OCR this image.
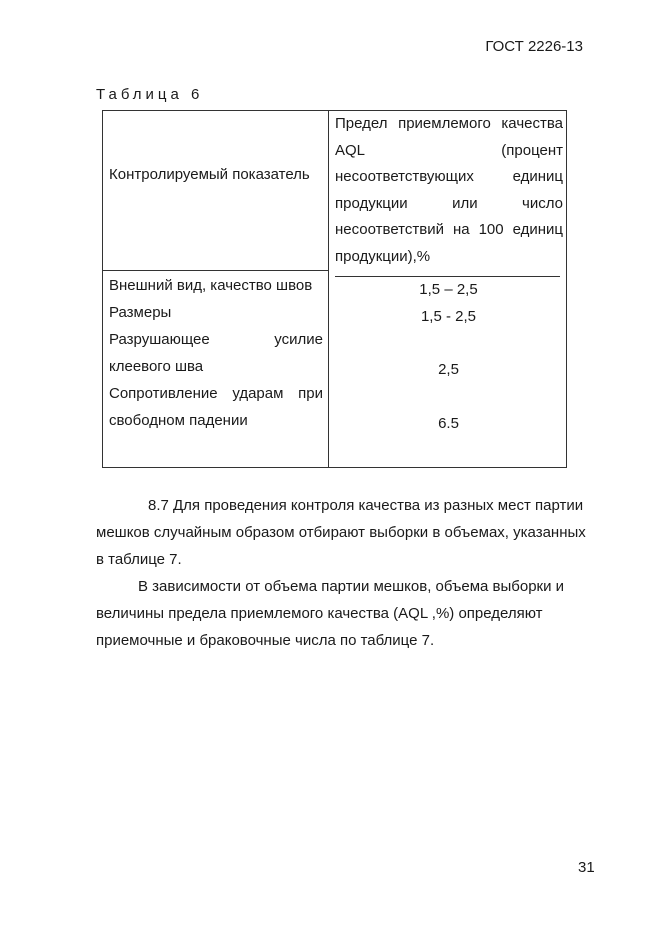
ГОСТ 2226-13
Таблица 6
Контролируемый показатель
Предел приемлемого качества AQL (процент несоответствующих единиц продукции или число несоответствий на 100 единиц продукции),%
Внешний вид, качество швов
Размеры
Разрушающее усилие клеевого шва
Сопротивление ударам при свободном падении
1,5 – 2,5
1,5 - 2,5
2,5
6.5
8.7 Для проведения контроля качества из разных мест партии мешков случайным образом отбирают выборки в объемах, указанных в таблице 7.
В зависимости от объема партии мешков, объема выборки и величины предела приемлемого качества (AQL ,%) определяют приемочные и браковочные числа по таблице 7.
31
